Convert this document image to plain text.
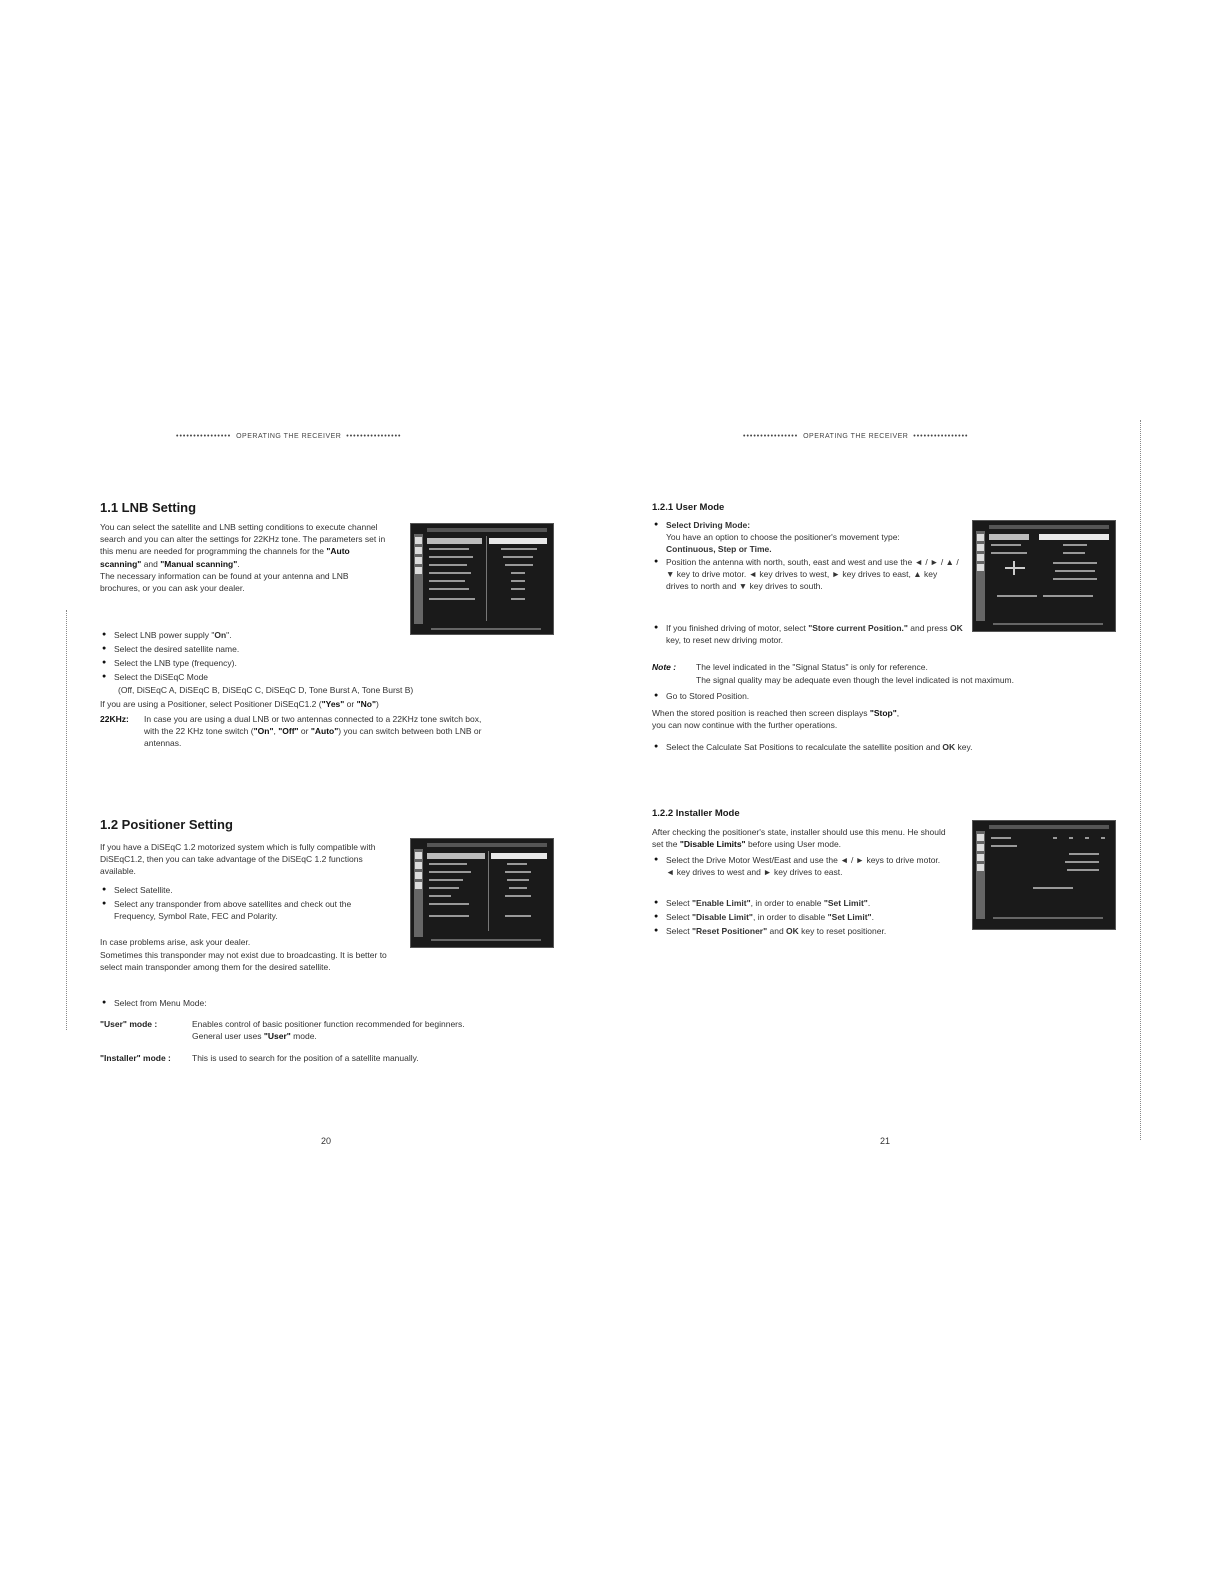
•••••••••••••••• OPERATING THE RECEIVER ••••••••••••••••	•••••••••••••••• OPERATING THE RECEIVER ••••••••••••••••
1.1 LNB Setting
You can select the satellite and LNB setting conditions to execute channel search and you can alter the settings for 22KHz tone. The parameters set in this menu are needed for programming the channels for the "Auto scanning" and "Manual scanning".
The necessary information can be found at your antenna and LNB brochures, or you can ask your dealer.
● Select LNB power supply "On".
● Select the desired satellite name.
● Select the LNB type (frequency).
● Select the DiSEqC Mode
(Off, DiSEqC A, DiSEqC B, DiSEqC C, DiSEqC D, Tone Burst A, Tone Burst B)
If you are using a Positioner, select Positioner DiSEqC1.2 ("Yes" or "No")
22KHz: In case you are using a dual LNB or two antennas connected to a 22KHz tone switch box, with the 22 KHz tone switch ("On", "Off" or "Auto") you can switch between both LNB or antennas.
1.2 Positioner Setting
If you have a DiSEqC 1.2 motorized system which is fully compatible with DiSEqC1.2, then you can take advantage of the DiSEqC 1.2 functions available.
● Select Satellite.
● Select any transponder from above satellites and check out the Frequency, Symbol Rate, FEC and Polarity.
In case problems arise, ask your dealer.
Sometimes this transponder may not exist due to broadcasting. It is better to select main transponder among them for the desired satellite.
● Select from Menu Mode:
"User" mode :	Enables control of basic positioner function recommended for beginners. General user uses "User" mode.
"Installer" mode : This is used to search for the position of a satellite manually.
20
1.2.1 User Mode
● Select Driving Mode:
You have an option to choose the positioner's movement type:
Continuous, Step or Time.
● Position the antenna with north, south, east and west and use the ◄ / ► / ▲ / ▼ key to drive motor. ◄ key drives to west, ► key drives to east, ▲ key drives to north and ▼ key drives to south.
● If you finished driving of motor, select "Store current Position." and press OK key, to reset new driving motor.
Note : The level indicated in the "Signal Status" is only for reference.
The signal quality may be adequate even though the level indicated is not maximum.
● Go to Stored Position.
When the stored position is reached then screen displays "Stop",
you can now continue with the further operations.
● Select the Calculate Sat Positions to recalculate the satellite position and OK key.
1.2.2 Installer Mode
After checking the positioner's state, installer should use this menu. He should set the "Disable Limits" before using User mode.
● Select the Drive Motor West/East and use the ◄ / ► keys to drive motor.
◄ key drives to west and ► key drives to east.
● Select "Enable Limit", in order to enable "Set Limit".
● Select "Disable Limit", in order to disable "Set Limit".
● Select "Reset Positioner" and OK key to reset positioner.
21
